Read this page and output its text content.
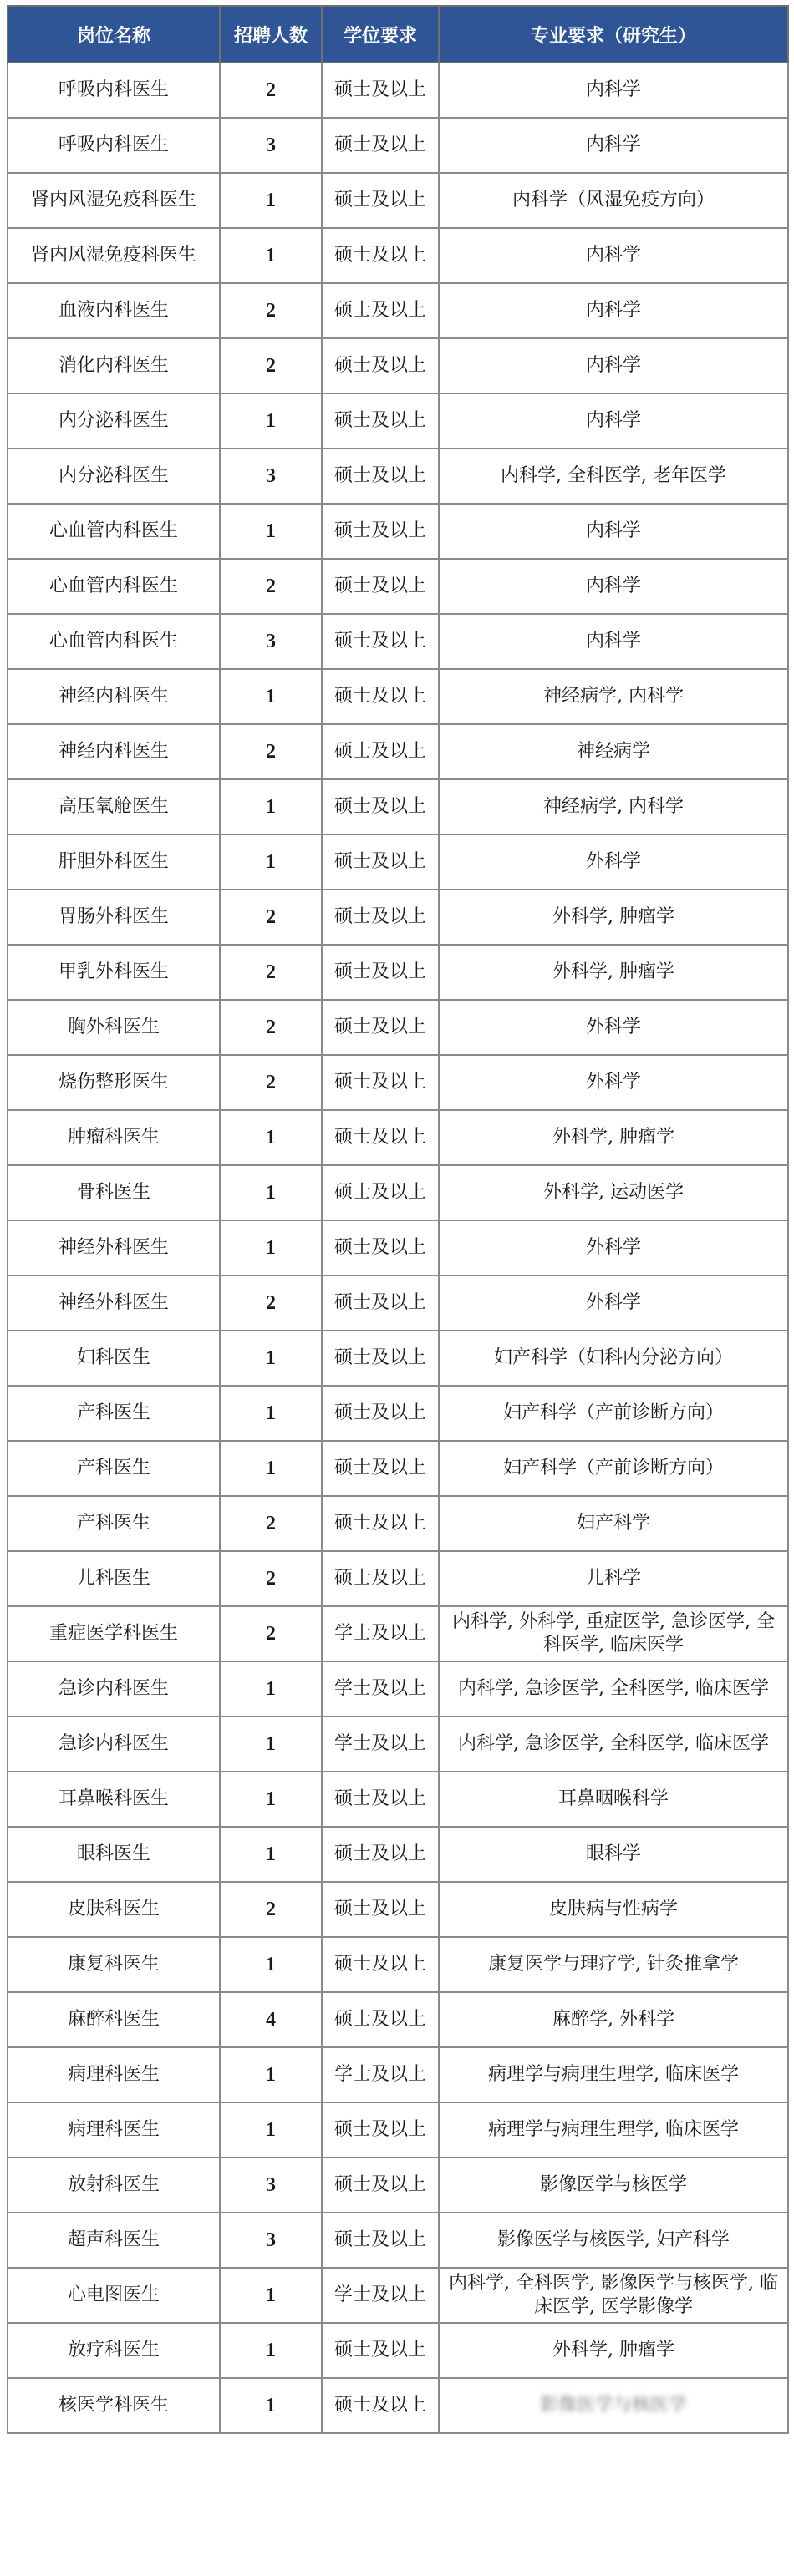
岗位名称	招聘人数	学位要求	专业要求（研究生）
呼吸内科医生	2	硕士及以上	内科学
呼吸内科医生	3	硕士及以上	内科学
肾内风湿免疫科医生	1	硕士及以上	内科学（风湿免疫方向）
肾内风湿免疫科医生	1	硕士及以上	内科学
血液内科医生	2	硕士及以上	内科学
消化内科医生	2	硕士及以上	内科学
内分泌科医生	1	硕士及以上	内科学
内分泌科医生	3	硕士及以上	内科学, 全科医学, 老年医学
心血管内科医生	1	硕士及以上	内科学
心血管内科医生	2	硕士及以上	内科学
心血管内科医生	3	硕士及以上	内科学
神经内科医生	1	硕士及以上	神经病学, 内科学
神经内科医生	2	硕士及以上	神经病学
高压氧舱医生	1	硕士及以上	神经病学, 内科学
肝胆外科医生	1	硕士及以上	外科学
胃肠外科医生	2	硕士及以上	外科学, 肿瘤学
甲乳外科医生	2	硕士及以上	外科学, 肿瘤学
胸外科医生	2	硕士及以上	外科学
烧伤整形医生	2	硕士及以上	外科学
肿瘤科医生	1	硕士及以上	外科学, 肿瘤学
骨科医生	1	硕士及以上	外科学, 运动医学
神经外科医生	1	硕士及以上	外科学
神经外科医生	2	硕士及以上	外科学
妇科医生	1	硕士及以上	妇产科学（妇科内分泌方向）
产科医生	1	硕士及以上	妇产科学（产前诊断方向）
产科医生	1	硕士及以上	妇产科学（产前诊断方向）
产科医生	2	硕士及以上	妇产科学
儿科医生	2	硕士及以上	儿科学
重症医学科医生	2	学士及以上	内科学, 外科学, 重症医学, 急诊医学, 全科医学, 临床医学
急诊内科医生	1	学士及以上	内科学, 急诊医学, 全科医学, 临床医学
急诊内科医生	1	学士及以上	内科学, 急诊医学, 全科医学, 临床医学
耳鼻喉科医生	1	硕士及以上	耳鼻咽喉科学
眼科医生	1	硕士及以上	眼科学
皮肤科医生	2	硕士及以上	皮肤病与性病学
康复科医生	1	硕士及以上	康复医学与理疗学, 针灸推拿学
麻醉科医生	4	硕士及以上	麻醉学, 外科学
病理科医生	1	学士及以上	病理学与病理生理学, 临床医学
病理科医生	1	硕士及以上	病理学与病理生理学, 临床医学
放射科医生	3	硕士及以上	影像医学与核医学
超声科医生	3	硕士及以上	影像医学与核医学, 妇产科学
心电图医生	1	学士及以上	内科学, 全科医学, 影像医学与核医学, 临床医学, 医学影像学
放疗科医生	1	硕士及以上	外科学, 肿瘤学
核医学科医生	1	硕士及以上	影像医学与核医学
